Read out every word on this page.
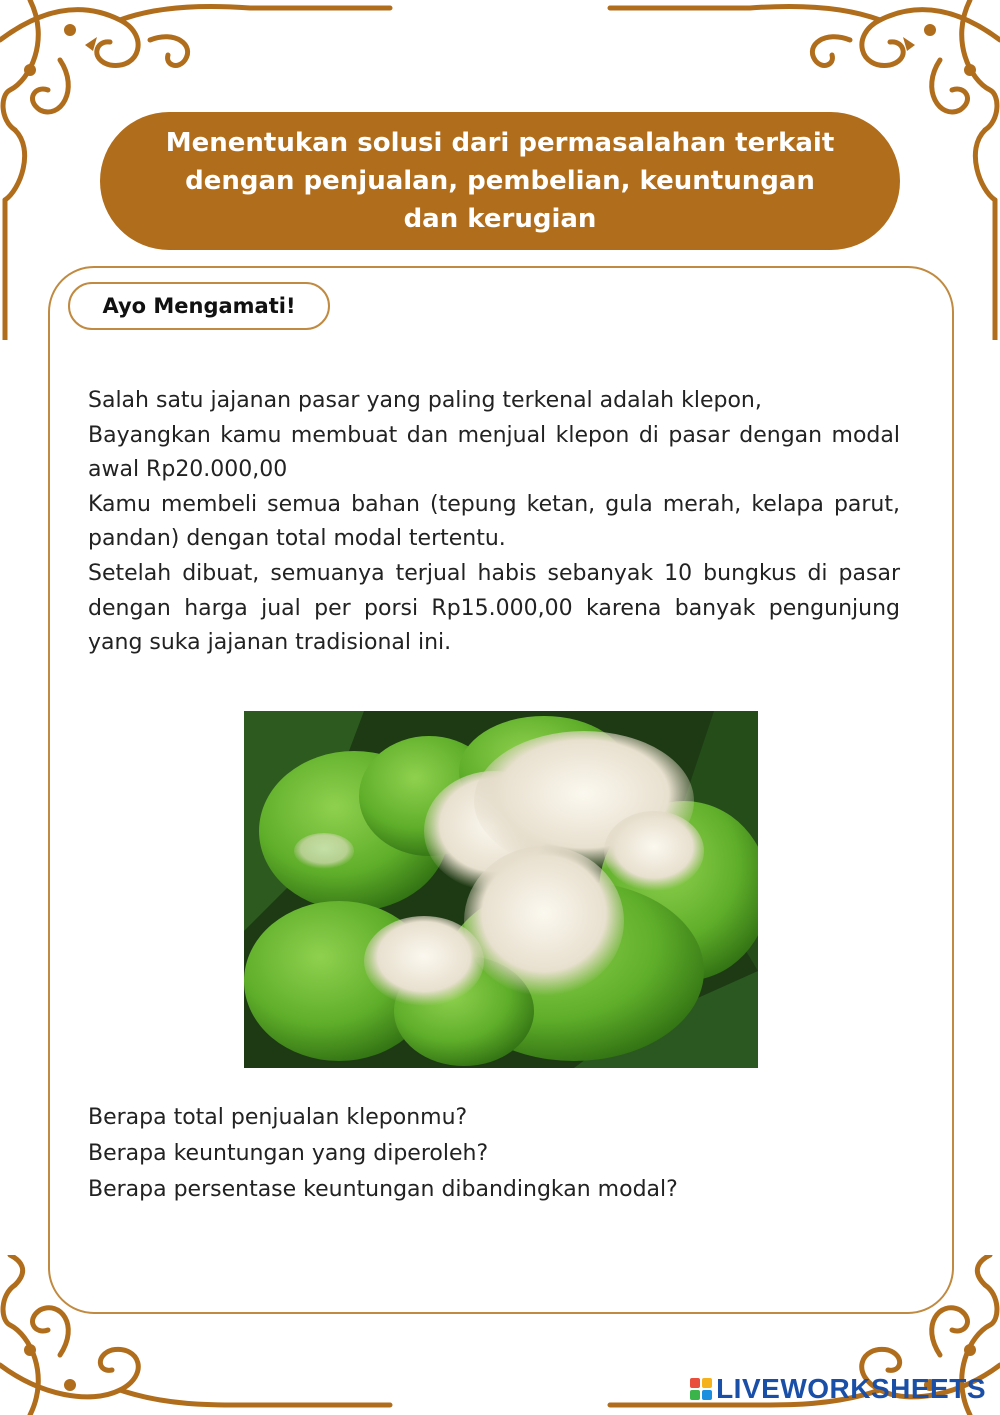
Menentukan solusi dari permasalahan terkait dengan penjualan, pembelian, keuntungan dan kerugian
Ayo Mengamati!

Salah satu jajanan pasar yang paling terkenal adalah klepon,

Bayangkan kamu membuat dan menjual klepon di pasar dengan modal awal Rp20.000,00

Kamu membeli semua bahan (tepung ketan, gula merah, kelapa parut, pandan) dengan total modal tertentu.

Setelah dibuat, semuanya terjual habis sebanyak 10 bungkus di pasar dengan harga jual per porsi Rp15.000,00 karena banyak pengunjung yang suka jajanan tradisional ini.

Berapa total penjualan kleponmu?

Berapa keuntungan yang diperoleh?

Berapa persentase keuntungan dibandingkan modal?

LIVEWORKSHEETS
